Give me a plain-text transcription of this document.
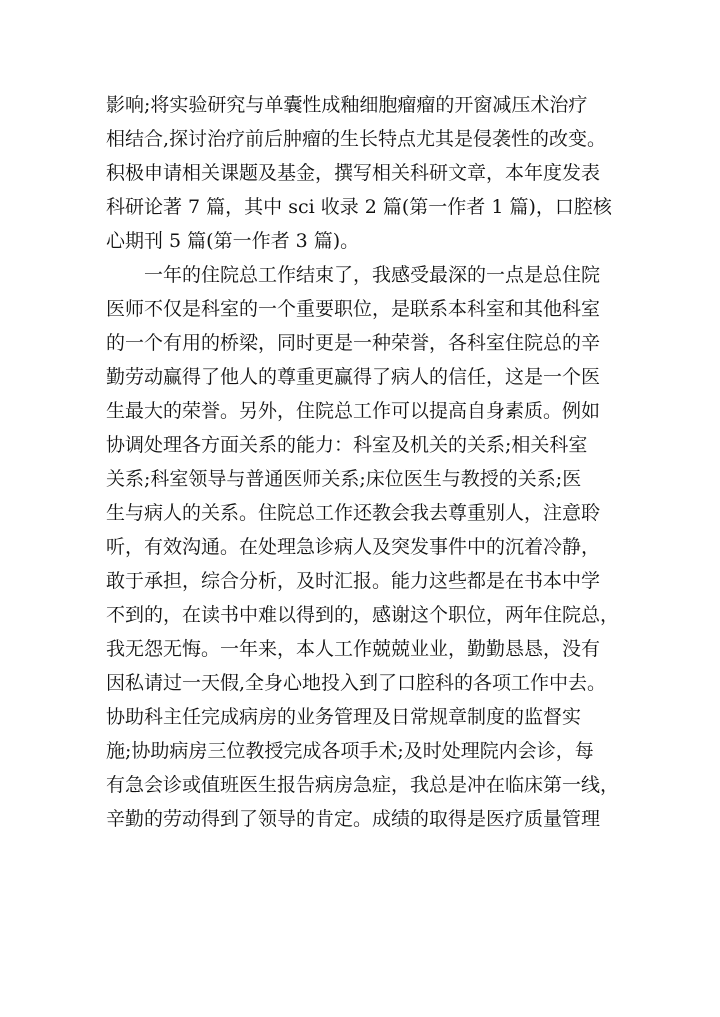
影响;将实验研究与单囊性成釉细胞瘤瘤的开窗减压术治疗

相结合,探讨治疗前后肿瘤的生长特点尤其是侵袭性的改变。

积极申请相关课题及基金，撰写相关科研文章，本年度发表

科研论著 7 篇，其中 sci 收录 2 篇(第一作者 1 篇)，口腔核

心期刊 5 篇(第一作者 3 篇)。

　　一年的住院总工作结束了，我感受最深的一点是总住院

医师不仅是科室的一个重要职位，是联系本科室和其他科室

的一个有用的桥梁，同时更是一种荣誉，各科室住院总的辛

勤劳动赢得了他人的尊重更赢得了病人的信任，这是一个医

生最大的荣誉。另外，住院总工作可以提高自身素质。例如

协调处理各方面关系的能力：科室及机关的关系;相关科室

关系;科室领导与普通医师关系;床位医生与教授的关系;医

生与病人的关系。住院总工作还教会我去尊重别人，注意聆

听，有效沟通。在处理急诊病人及突发事件中的沉着冷静，

敢于承担，综合分析，及时汇报。能力这些都是在书本中学

不到的，在读书中难以得到的，感谢这个职位，两年住院总，

我无怨无悔。一年来，本人工作兢兢业业，勤勤恳恳，没有

因私请过一天假,全身心地投入到了口腔科的各项工作中去。

协助科主任完成病房的业务管理及日常规章制度的监督实

施;协助病房三位教授完成各项手术;及时处理院内会诊，每

有急会诊或值班医生报告病房急症，我总是冲在临床第一线，

辛勤的劳动得到了领导的肯定。成绩的取得是医疗质量管理
